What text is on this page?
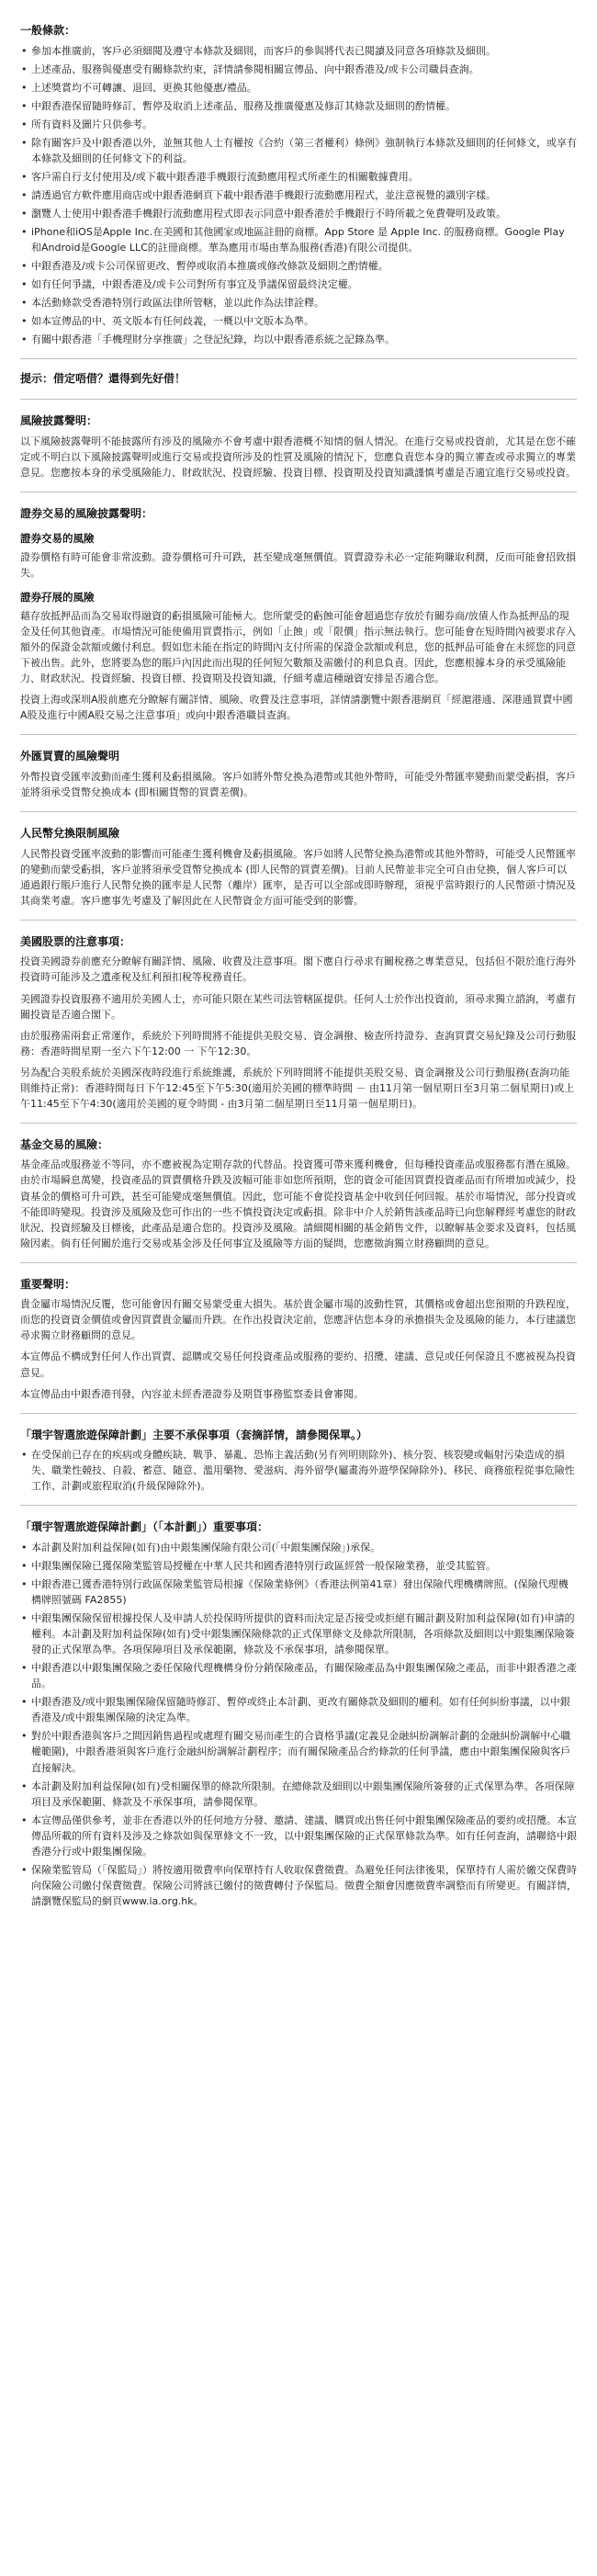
一般條款：
• 參加本推廣前，客戶必須細閱及遵守本條款及細則，而客戶的參與將代表已閱讀及同意各項條款及細則。
• 上述產品、服務與優惠受有關條款約束，詳情請參閱相關宣傳品、向中銀香港及/或卡公司職員查詢。
• 上述獎賞均不可轉讓、退回、更換其他優惠/禮品。
• 中銀香港保留隨時修訂、暫停及取消上述產品、服務及推廣優惠及修訂其條款及細則的酌情權。
• 所有資料及圖片只供參考。
• 除有關客戶及中銀香港以外，並無其他人士有權按《合約（第三者權利）條例》強制執行本條款及細則的任何條文，或享有本條款及細則的任何條文下的利益。
• 客戶需自行支付使用及/或下載中銀香港手機銀行流動應用程式所產生的相關數據費用。
• 請透過官方軟件應用商店或中銀香港網頁下載中銀香港手機銀行流動應用程式，並注意視覺的識別字樣。
• 瀏覽人士使用中銀香港手機銀行流動應用程式即表示同意中銀香港於手機銀行不時所載之免費聲明及政策。
• iPhone和iOS是Apple Inc.在美國和其他國家或地區註冊的商標。App Store 是 Apple Inc. 的服務商標。Google Play 和Android是Google LLC的註冊商標。華為應用市場由華為服務(香港)有限公司提供。
• 中銀香港及/或卡公司保留更改、暫停或取消本推廣或修改條款及細則之酌情權。
• 如有任何爭議，中銀香港及/或卡公司對所有事宜及爭議保留最終決定權。
• 本活動條款受香港特別行政區法律所管轄，並以此作為法律詮釋。
• 如本宣傳品的中、英文版本有任何歧義，一概以中文版本為準。
• 有關中銀香港「手機理財分享推廣」之登記紀錄，均以中銀香港系統之記錄為準。
提示：借定唔借？還得到先好借！
風險披露聲明：

以下風險披露聲明不能披露所有涉及的風險亦不會考慮中銀香港概不知情的個人情況。在進行交易或投資前，尤其是在您不確定或不明白以下風險披露聲明或進行交易或投資所涉及的性質及風險的情況下，您應負責您本身的獨立審查或尋求獨立的專業意見。您應按本身的承受風險能力、財政狀況、投資經驗、投資目標、投資期及投資知識謹慎考慮是否適宜進行交易或投資。

證券交易的風險披露聲明：
證券交易的風險

證券價格有時可能會非常波動。證券價格可升可跌，甚至變成毫無價值。買賣證券未必一定能夠賺取利潤，反而可能會招致損失。

證券孖展的風險

藉存放抵押品而為交易取得融資的虧損風險可能極大。您所蒙受的虧蝕可能會超過您存放於有關券商/放債人作為抵押品的現金及任何其他資產。市場情況可能使備用買賣指示，例如「止蝕」或「限價」指示無法執行。您可能會在短時間內被要求存入額外的保證金款額或繳付利息。假如您未能在指定的時間內支付所需的保證金款額或利息，您的抵押品可能會在未經您的同意下被出售。此外，您將要為您的賬戶內因此而出現的任何短欠數額及需繳付的利息負責。因此，您應根據本身的承受風險能力、財政狀況、投資經驗、投資目標、投資期及投資知識，仔細考慮這種融資安排是否適合您。

投資上海或深圳A股前應充分瞭解有關詳情、風險、收費及注意事項，詳情請瀏覽中銀香港網頁「經滬港通、深港通買賣中國A股及進行中國A股交易之注意事項」或向中銀香港職員查詢。

外匯買賣的風險聲明

外幣投資受匯率波動而產生獲利及虧損風險。客戶如將外幣兌換為港幣或其他外幣時，可能受外幣匯率變動而蒙受虧損，客戶並將須承受貨幣兌換成本 (即相關貨幣的買賣差價)。

人民幣兌換限制風險

人民幣投資受匯率波動的影響而可能產生獲利機會及虧損風險。客戶如將人民幣兌換為港幣或其他外幣時，可能受人民幣匯率的變動而蒙受虧損，客戶並將須承受貨幣兌換成本 (即人民幣的買賣差價)。目前人民幣並非完全可自由兌換，個人客戶可以通過銀行賬戶進行人民幣兌換的匯率是人民幣（離岸）匯率，是否可以全部或即時辦理，須視乎當時銀行的人民幣頭寸情況及其商業考慮。客戶應事先考慮及了解因此在人民幣資金方面可能受到的影響。

美國股票的注意事項：

投資美國證券前應充分瞭解有關詳情、風險、收費及注意事項。閣下應自行尋求有關稅務之專業意見，包括但不限於進行海外投資時可能涉及之遺產稅及紅利預扣稅等稅務責任。

美國證券投資服務不適用於美國人士，亦可能只限在某些司法管轄區提供。任何人士於作出投資前，須尋求獨立諮詢，考慮有關投資是否適合閣下。

由於服務需兩套正常運作，系統於下列時間將不能提供美股交易、資金調撥、檢查所持證券、查詢買賣交易紀錄及公司行動服務：香港時間星期一至六下午12:00 一 下午12:30。

另為配合美股系統於美國深夜時段進行系統維護，系統於下列時間將不能提供美股交易、資金調撥及公司行動服務(查詢功能則維持正常)：香港時間每日下午12:45至下午5:30(適用於美國的標準時間 － 由11月第一個星期日至3月第二個星期日)或上午11:45至下午4:30(適用於美國的夏令時間 - 由3月第二個星期日至11月第一個星期日)。

基金交易的風險：

基金產品或服務並不等同，亦不應被視為定期存款的代替品。投資獲可帶來獲利機會，但每種投資產品或服務都有潛在風險。由於市場瞬息萬變，投資產品的買賣價格升跌及波幅可能非如您所預期，您的資金可能因買賣投資產品而有所增加或減少，投資基金的價格可升可跌，甚至可能變成毫無價值。因此，您可能不會從投資基金中收到任何回報。基於市場情況，部分投資或不能即時變現。投資涉及風險及您可作出的一些不慎投資決定或虧損。除非中介人於銷售該產品時已向您解釋經考慮您的財政狀況、投資經驗及目標後，此產品是適合您的。投資涉及風險。請細閱相關的基金銷售文件，以瞭解基金要求及資料，包括風險因素。倘有任何關於進行交易或基金涉及任何事宜及風險等方面的疑問，您應徵詢獨立財務顧問的意見。

重要聲明：

貴金屬市場情況反覆，您可能會因有關交易蒙受重大損失。基於貴金屬市場的波動性質，其價格或會超出您預期的升跌程度，而您的投資資金價值或會因買賣貴金屬而升跌。在作出投資決定前，您應評估您本身的承擔損失金及風險的能力，本行建議您尋求獨立財務顧問的意見。

本宣傳品不構成對任何人作出買賣、認購或交易任何投資產品或服務的要約、招攬、建議、意見或任何保證且不應被視為投資意見。

本宣傳品由中銀香港刊發，內容並未經香港證券及期貨事務監察委員會審閱。

「環宇智選旅遊保障計劃」主要不承保事項（套摘詳情，請參閱保單。）
• 在受保前已存在的疾病或身體疾缺、戰爭、暴亂、恐怖主義活動(另有列明則除外)、核分裂、核裂變或輻射污染造成的損失、職業性競技、自殺、蓄意、隨意、濫用藥物、愛滋病、海外留學(屬畫海外遊學保障除外)、移民、商務旅程從事危險性工作、計劃或旅程取消(升級保障除外)。
「環宇智選旅遊保障計劃」（「本計劃」）重要事項：
• 本計劃及附加利益保障(如有)由中銀集團保險有限公司(「中銀集團保險」)承保。
• 中銀集團保險已獲保險業監管局授權在中華人民共和國香港特別行政區經營一般保險業務，並受其監管。
• 中銀香港已獲香港特別行政區保險業監管局根據《保險業條例》（香港法例第41章）發出保險代理機構牌照。(保險代理機構牌照號碼 FA2855)
• 中銀集團保險保留根據投保人及申請人於投保時所提供的資料而決定是否接受或拒絕有關計劃及附加利益保障(如有)申請的權利。本計劃及附加利益保障(如有)受中銀集團保險條款的正式保單條文及條款所限制，各項條款及細則以中銀集團保險簽發的正式保單為準。各項保障項目及承保範圍，條款及不承保事項，請參閱保單。
• 中銀香港以中銀集團保險之委任保險代理機構身份分銷保險產品，有關保險產品為中銀集團保險之產品，而非中銀香港之產品。
• 中銀香港及/或中銀集團保險保留隨時修訂、暫停或終止本計劃、更改有關條款及細則的權利。如有任何糾紛事議，以中銀香港及/或中銀集團保險的決定為準。
• 對於中銀香港與客戶之間因銷售過程或處理有關交易而產生的合資格爭議(定義見金融糾紛調解計劃的金融糾紛調解中心職權範圍)，中銀香港須與客戶進行金融糾紛調解計劃程序；而有關保險產品合約條款的任何爭議，應由中銀集團保險與客戶直接解決。
• 本計劃及附加利益保障(如有)受相關保單的條款所限制。在總條款及細則以中銀集團保險所簽發的正式保單為準。各項保障項目及承保範圍、條款及不承保事項，請參閱保單。
• 本宣傳品僅供參考，並非在香港以外的任何地方分發、邀請、建議、購買或出售任何中銀集團保險產品的要約或招攬。本宣傳品所載的所有資料及涉及之條款如與保單條文不一致，以中銀集團保險的正式保單條款為準。如有任何查詢，請聯絡中銀香港分行或中銀集團保險。
• 保險業監管局（「保監局」）將按適用徵費率向保單持有人收取保費徵費。為避免任何法律後果，保單持有人需於繳交保費時向保險公司繳付保費徵費。保險公司將該已繳付的徵費轉付予保監局。徵費全額會因應徵費率調整而有所變更。有關詳情，請瀏覽保監局的網頁www.ia.org.hk。
